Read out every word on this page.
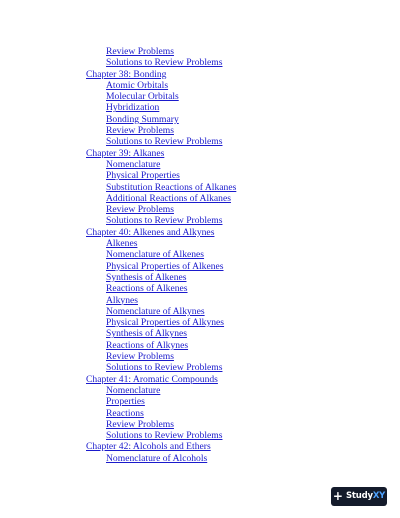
Review Problems
Solutions to Review Problems
Chapter 38: Bonding
Atomic Orbitals
Molecular Orbitals
Hybridization
Bonding Summary
Review Problems
Solutions to Review Problems
Chapter 39: Alkanes
Nomenclature
Physical Properties
Substitution Reactions of Alkanes
Additional Reactions of Alkanes
Review Problems
Solutions to Review Problems
Chapter 40: Alkenes and Alkynes
Alkenes
Nomenclature of Alkenes
Physical Properties of Alkenes
Synthesis of Alkenes
Reactions of Alkenes
Alkynes
Nomenclature of Alkynes
Physical Properties of Alkynes
Synthesis of Alkynes
Reactions of Alkynes
Review Problems
Solutions to Review Problems
Chapter 41: Aromatic Compounds
Nomenclature
Properties
Reactions
Review Problems
Solutions to Review Problems
Chapter 42: Alcohols and Ethers
Nomenclature of Alcohols
+ StudyXY
